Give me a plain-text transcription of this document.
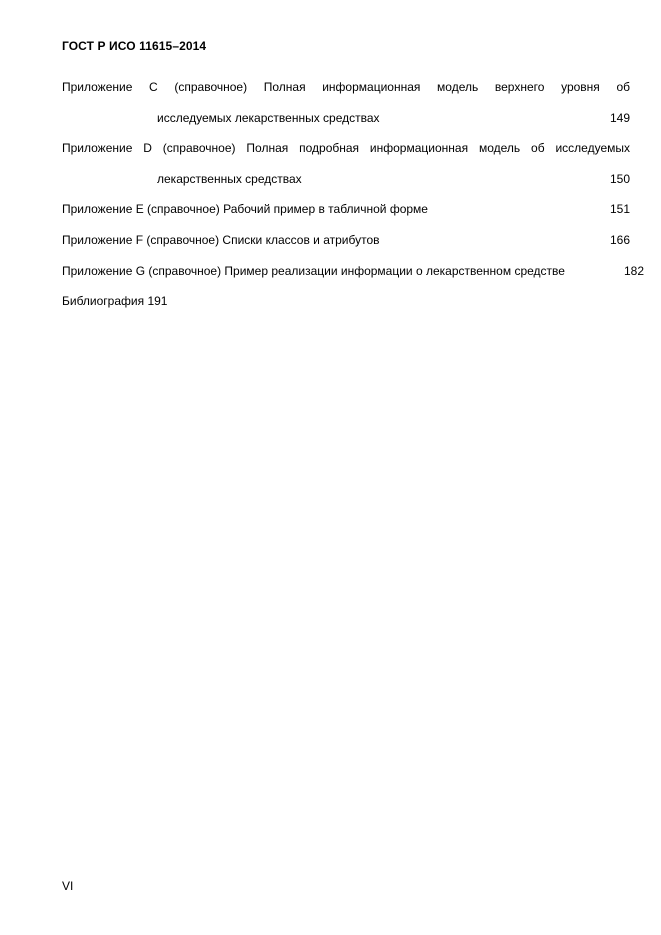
ГОСТ Р ИСО 11615–2014
Приложение C (справочное) Полная информационная модель верхнего уровня об
исследуемых лекарственных средствах	149
Приложение D (справочное) Полная подробная информационная модель об исследуемых
лекарственных средствах	150
Приложение E (справочное) Рабочий пример в табличной форме	151
Приложение F (справочное) Списки классов и атрибутов	166
Приложение G (справочное) Пример реализации информации о лекарственном средстве	182
Библиография 191
VI
